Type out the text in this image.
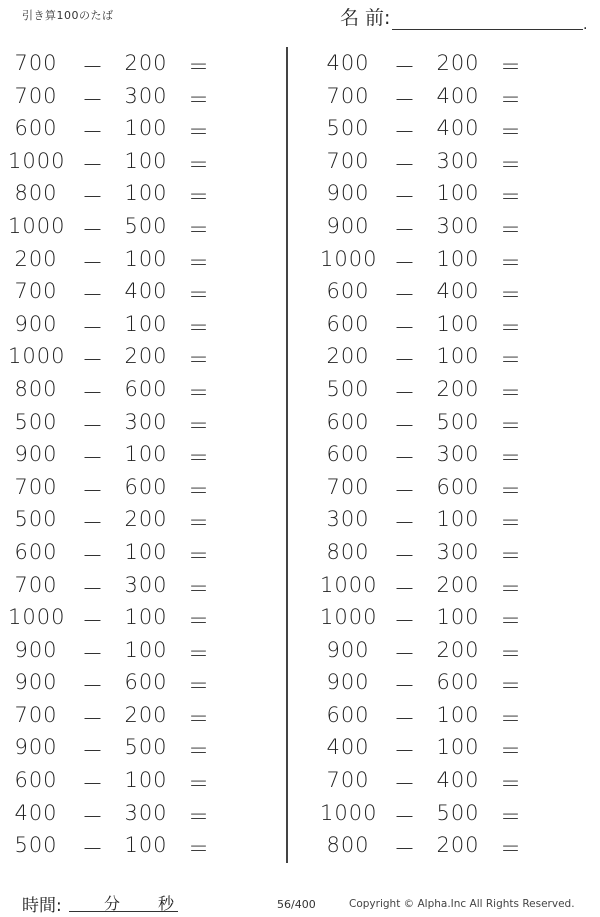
引き算100のたば	名 前:	.
700	－ 200 ＝
700	－ 300 ＝
600	－ 100 ＝
1000 － 100 ＝
800	－ 100 ＝
1000 － 500 ＝
200	－ 100 ＝
700	－ 400 ＝
900	－ 100 ＝
1000 － 200 ＝
800	－ 600 ＝
500	－ 300 ＝
900	－ 100 ＝
700	－ 600 ＝
500	－ 200 ＝
600	－ 100 ＝
700	－ 300 ＝
1000 － 100 ＝
900	－ 100 ＝
900	－ 600 ＝
700	－ 200 ＝
900	－ 500 ＝
600	－ 100 ＝
400	－ 300 ＝
500	－ 100 ＝
400	－ 200 ＝
700	－ 400 ＝
500	－ 400 ＝
700	－ 300 ＝
900	－ 100 ＝
900	－ 300 ＝
1000 － 100 ＝
600	－ 400 ＝
600	－ 100 ＝
200	－ 100 ＝
500	－ 200 ＝
600	－ 500 ＝
600	－ 300 ＝
700	－ 600 ＝
300	－ 100 ＝
800	－ 300 ＝
1000 － 200 ＝
1000 － 100 ＝
900	－ 200 ＝
900	－ 600 ＝
600	－ 100 ＝
400	－ 100 ＝
700	－ 400 ＝
1000 － 500 ＝
800	－ 200 ＝
時間:	分 秒	56/400	Copyright © Alpha.Inc All Rights Reserved.
